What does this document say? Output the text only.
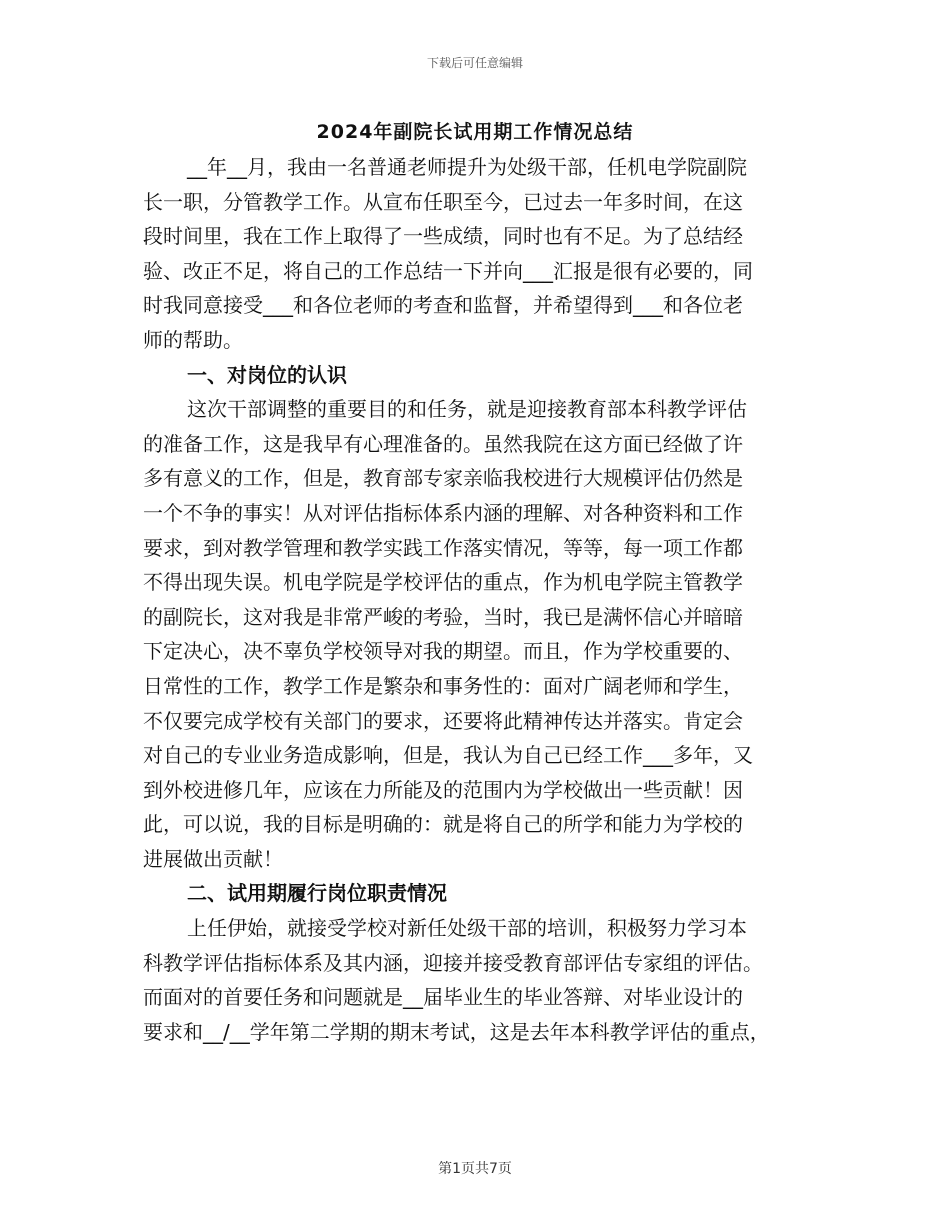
下载后可任意编辑
2024年副院长试用期工作情况总结

__年__月，我由一名普通老师提升为处级干部，任机电学院副院
长一职，分管教学工作。从宣布任职至今，已过去一年多时间，在这
段时间里，我在工作上取得了一些成绩，同时也有不足。为了总结经
验、改正不足，将自己的工作总结一下并向___汇报是很有必要的，同
时我同意接受___和各位老师的考查和监督，并希望得到___和各位老
师的帮助。

一、对岗位的认识

这次干部调整的重要目的和任务，就是迎接教育部本科教学评估
的准备工作，这是我早有心理准备的。虽然我院在这方面已经做了许
多有意义的工作，但是，教育部专家亲临我校进行大规模评估仍然是
一个不争的事实！从对评估指标体系内涵的理解、对各种资料和工作
要求，到对教学管理和教学实践工作落实情况，等等，每一项工作都
不得出现失误。机电学院是学校评估的重点，作为机电学院主管教学
的副院长，这对我是非常严峻的考验，当时，我已是满怀信心并暗暗
下定决心，决不辜负学校领导对我的期望。而且，作为学校重要的、
日常性的工作，教学工作是繁杂和事务性的：面对广阔老师和学生，
不仅要完成学校有关部门的要求，还要将此精神传达并落实。肯定会
对自己的专业业务造成影响，但是，我认为自己已经工作___多年，又
到外校进修几年，应该在力所能及的范围内为学校做出一些贡献！因
此，可以说，我的目标是明确的：就是将自己的所学和能力为学校的
进展做出贡献！

二、试用期履行岗位职责情况

上任伊始，就接受学校对新任处级干部的培训，积极努力学习本
科教学评估指标体系及其内涵，迎接并接受教育部评估专家组的评估。
而面对的首要任务和问题就是__届毕业生的毕业答辩、对毕业设计的
要求和__/__学年第二学期的期末考试，这是去年本科教学评估的重点，

第1页共7页
